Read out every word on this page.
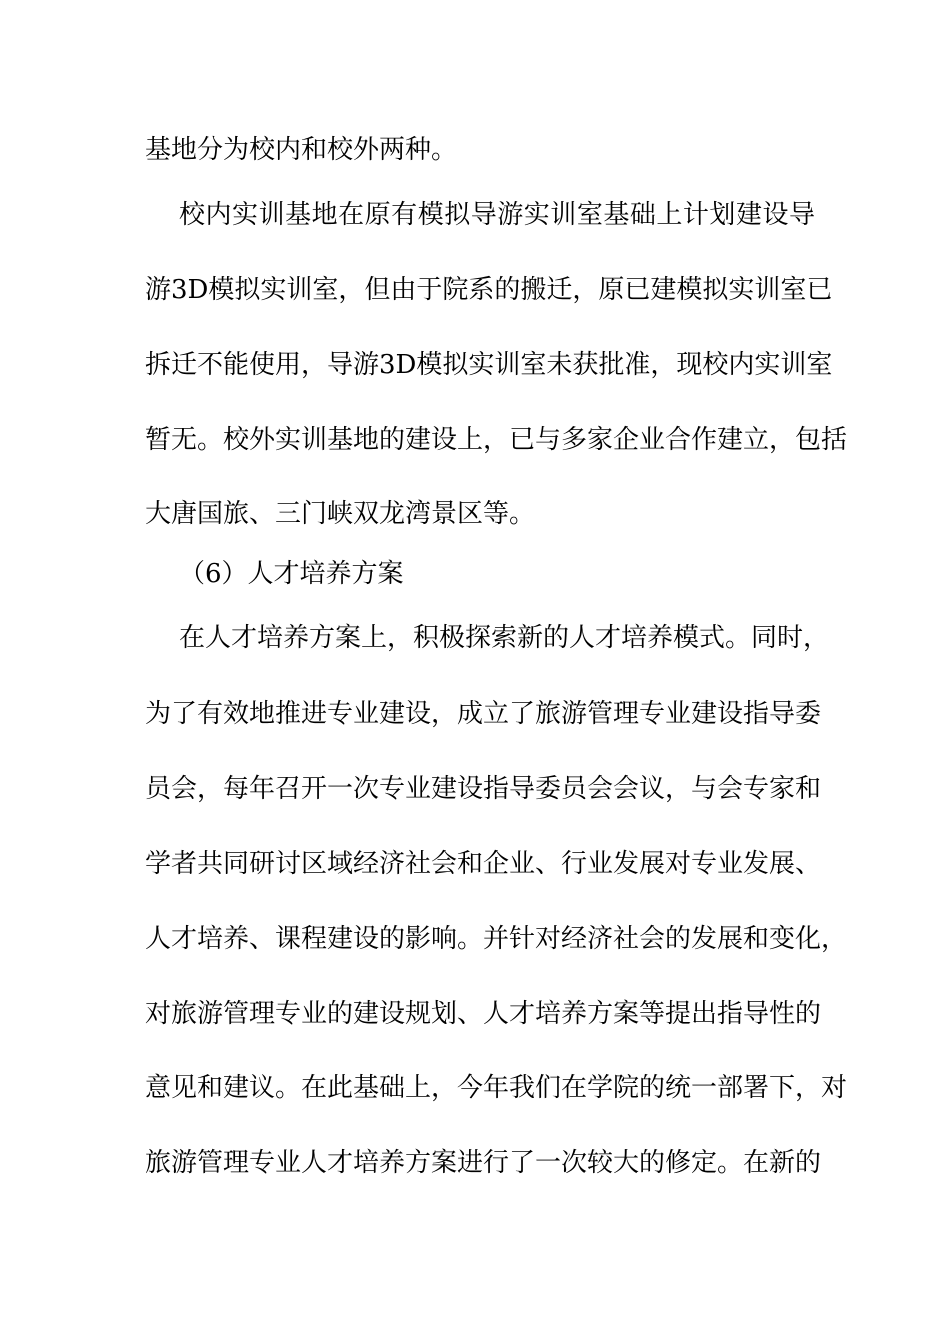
基地分为校内和校外两种。
校内实训基地在原有模拟导游实训室基础上计划建设导
游3D模拟实训室，但由于院系的搬迁，原已建模拟实训室已
拆迁不能使用，导游3D模拟实训室未获批准，现校内实训室
暂无。校外实训基地的建设上，已与多家企业合作建立，包括
大唐国旅、三门峡双龙湾景区等。
（6）人才培养方案
在人才培养方案上，积极探索新的人才培养模式。同时，
为了有效地推进专业建设，成立了旅游管理专业建设指导委
员会，每年召开一次专业建设指导委员会会议，与会专家和
学者共同研讨区域经济社会和企业、行业发展对专业发展、
人才培养、课程建设的影响。并针对经济社会的发展和变化，
对旅游管理专业的建设规划、人才培养方案等提出指导性的
意见和建议。在此基础上，今年我们在学院的统一部署下，对
旅游管理专业人才培养方案进行了一次较大的修定。在新的
